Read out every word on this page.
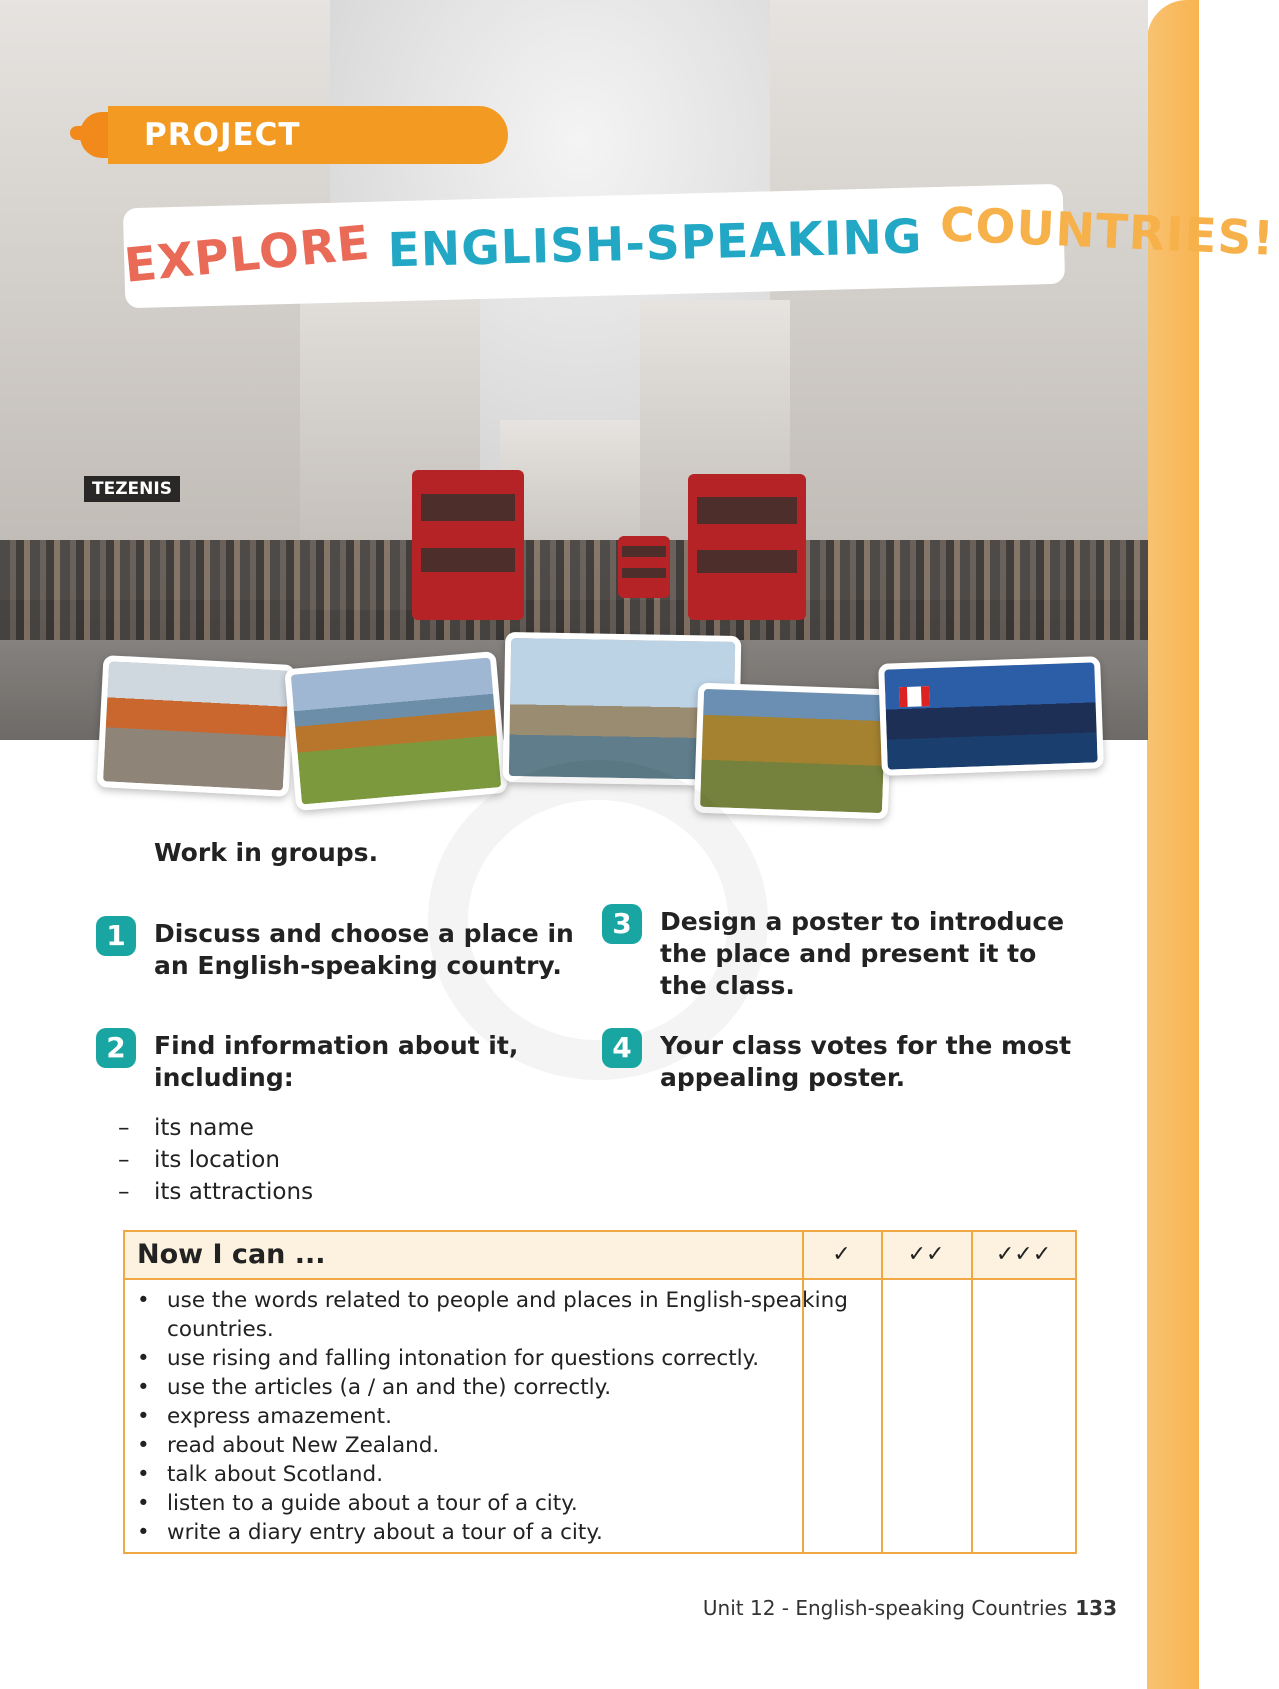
TEZENIS
PROJECT
EXPLORE ENGLISH-SPEAKING COUNTRIES!
Work in groups.
1	Discuss and choose a place in an English-speaking country.
2	Find information about it, including:
3	Design a poster to introduce the place and present it to the class.
4	Your class votes for the most appealing poster.
–	its name
–	its location
–	its attractions
Now I can ...	✓	✓✓	✓✓✓
• use the words related to people and places in English-speaking countries.
• use rising and falling intonation for questions correctly.
• use the articles (a / an and the) correctly.
• express amazement.
• read about New Zealand.
• talk about Scotland.
• listen to a guide about a tour of a city.
• write a diary entry about a tour of a city.
Unit 12 - English-speaking Countries 133
